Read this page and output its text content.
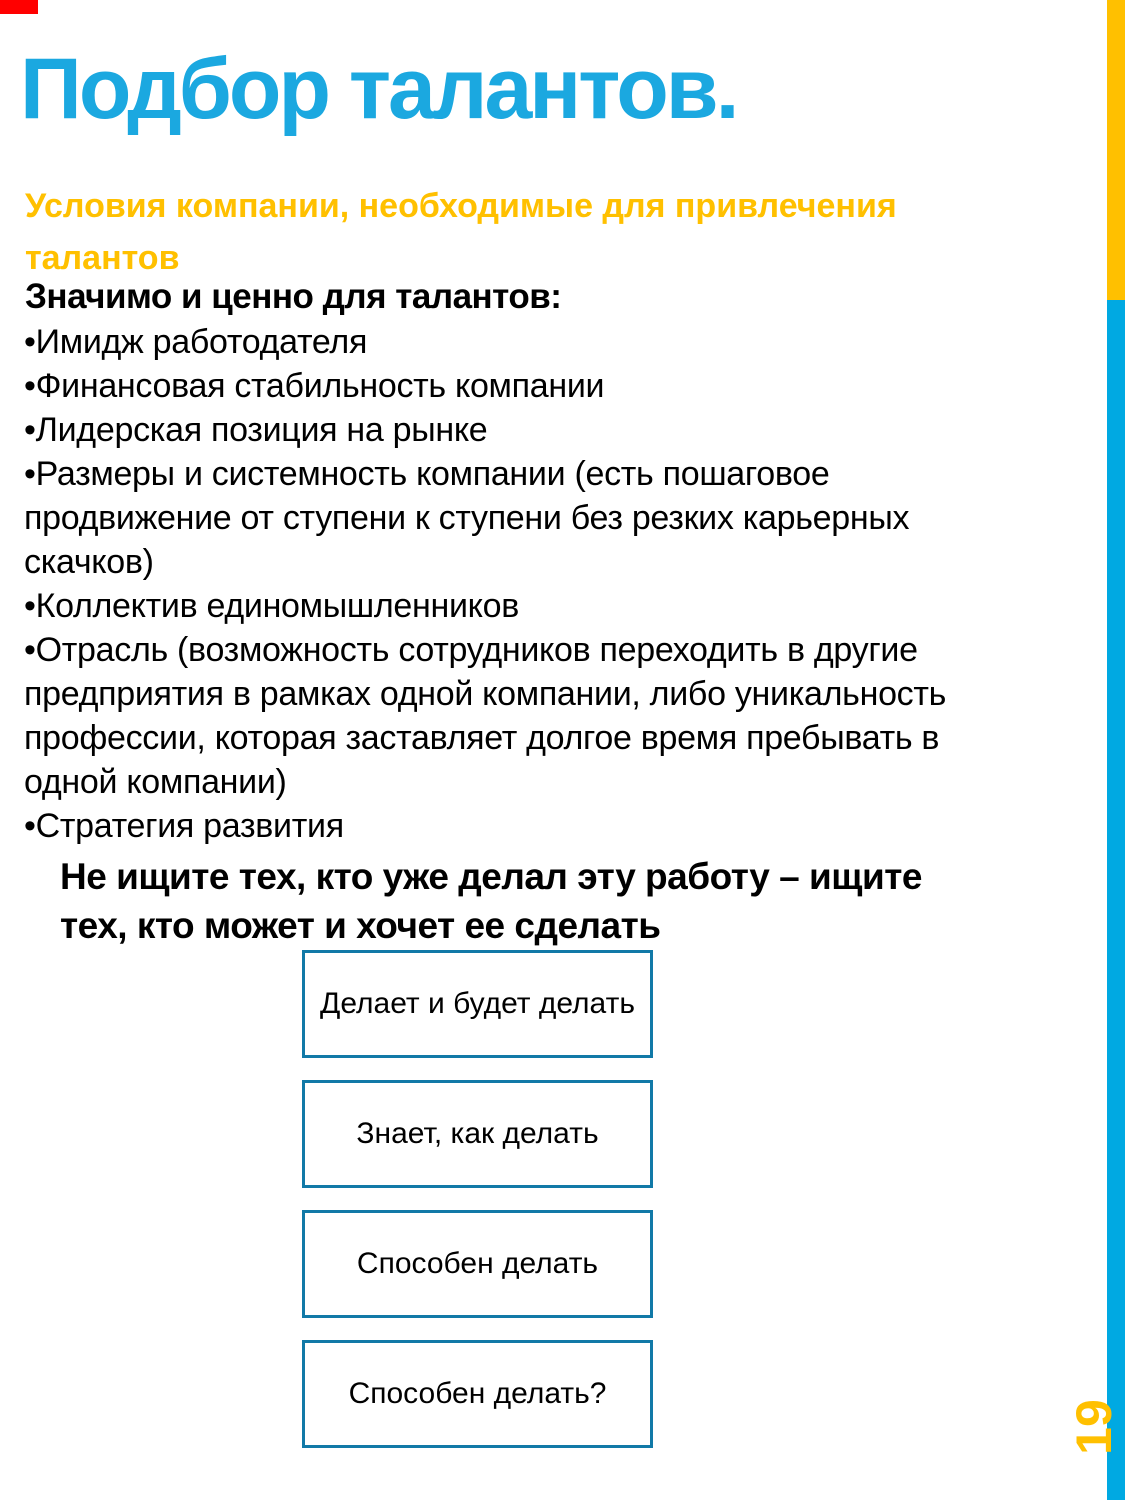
Подбор талантов.
Условия компании, необходимые для привлечения талантов
Значимо и ценно для талантов:
•Имидж работодателя
•Финансовая стабильность компании
•Лидерская позиция на рынке
•Размеры и системность компании (есть пошаговое продвижение от ступени к ступени без резких карьерных скачков)
•Коллектив единомышленников
•Отрасль (возможность сотрудников переходить в другие предприятия в рамках одной компании, либо уникальность профессии, которая заставляет долгое время пребывать в одной компании)
•Стратегия развития
Не ищите тех, кто уже делал эту работу – ищите тех, кто может и хочет ее сделать
Делает и будет делать
Знает, как делать
Способен делать
Способен делать?
19
